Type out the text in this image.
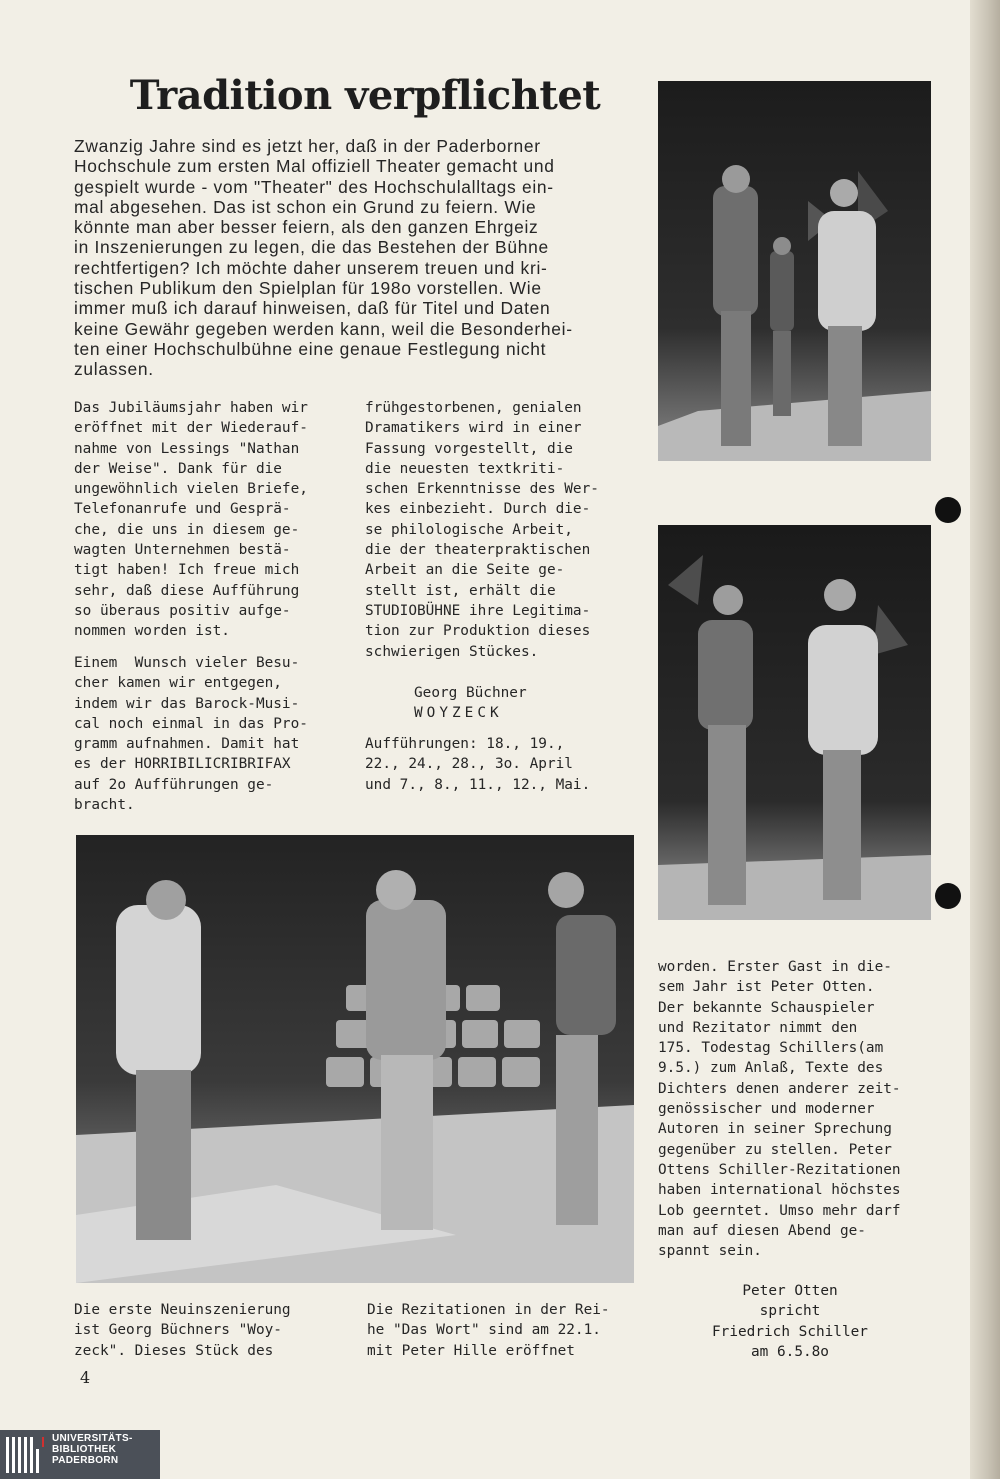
Tradition verpflichtet
Zwanzig Jahre sind es jetzt her, daß in der Paderborner
Hochschule zum ersten Mal offiziell Theater gemacht und
gespielt wurde - vom "Theater" des Hochschulalltags ein-
mal abgesehen. Das ist schon ein Grund zu feiern. Wie
könnte man aber besser feiern, als den ganzen Ehrgeiz
in Inszenierungen zu legen, die das Bestehen der Bühne
rechtfertigen? Ich möchte daher unserem treuen und kri-
tischen Publikum den Spielplan für 198o vorstellen. Wie
immer muß ich darauf hinweisen, daß für Titel und Daten
keine Gewähr gegeben werden kann, weil die Besonderhei-
ten einer Hochschulbühne eine genaue Festlegung nicht
zulassen.
Das Jubiläumsjahr haben wir
eröffnet mit der Wiederauf-
nahme von Lessings "Nathan
der Weise". Dank für die
ungewöhnlich vielen Briefe,
Telefonanrufe und Gesprä-
che, die uns in diesem ge-
wagten Unternehmen bestä-
tigt haben! Ich freue mich
sehr, daß diese Aufführung
so überaus positiv aufge-
nommen worden ist.
Einem  Wunsch vieler Besu-
cher kamen wir entgegen,
indem wir das Barock-Musi-
cal noch einmal in das Pro-
gramm aufnahmen. Damit hat
es der HORRIBILICRIBRIFAX
auf 2o Aufführungen ge-
bracht.
frühgestorbenen, genialen
Dramatikers wird in einer
Fassung vorgestellt, die
die neuesten textkriti-
schen Erkenntnisse des Wer-
kes einbezieht. Durch die-
se philologische Arbeit,
die der theaterpraktischen
Arbeit an die Seite ge-
stellt ist, erhält die
STUDIOBÜHNE ihre Legitima-
tion zur Produktion dieses
schwierigen Stückes.
Georg Büchner
WOYZECK
Aufführungen: 18., 19.,
22., 24., 28., 3o. April
und 7., 8., 11., 12., Mai.
worden. Erster Gast in die-
sem Jahr ist Peter Otten.
Der bekannte Schauspieler
und Rezitator nimmt den
175. Todestag Schillers(am
9.5.) zum Anlaß, Texte des
Dichters denen anderer zeit-
genössischer und moderner
Autoren in seiner Sprechung
gegenüber zu stellen. Peter
Ottens Schiller-Rezitationen
haben international höchstes
Lob geerntet. Umso mehr darf
man auf diesen Abend ge-
spannt sein.
Die erste Neuinszenierung
ist Georg Büchners "Woy-
zeck". Dieses Stück des
Die Rezitationen in der Rei-
he "Das Wort" sind am 22.1.
mit Peter Hille eröffnet
Peter Otten
spricht
Friedrich Schiller
am 6.5.8o
4
UNIVERSITÄTS-
BIBLIOTHEK
PADERBORN
